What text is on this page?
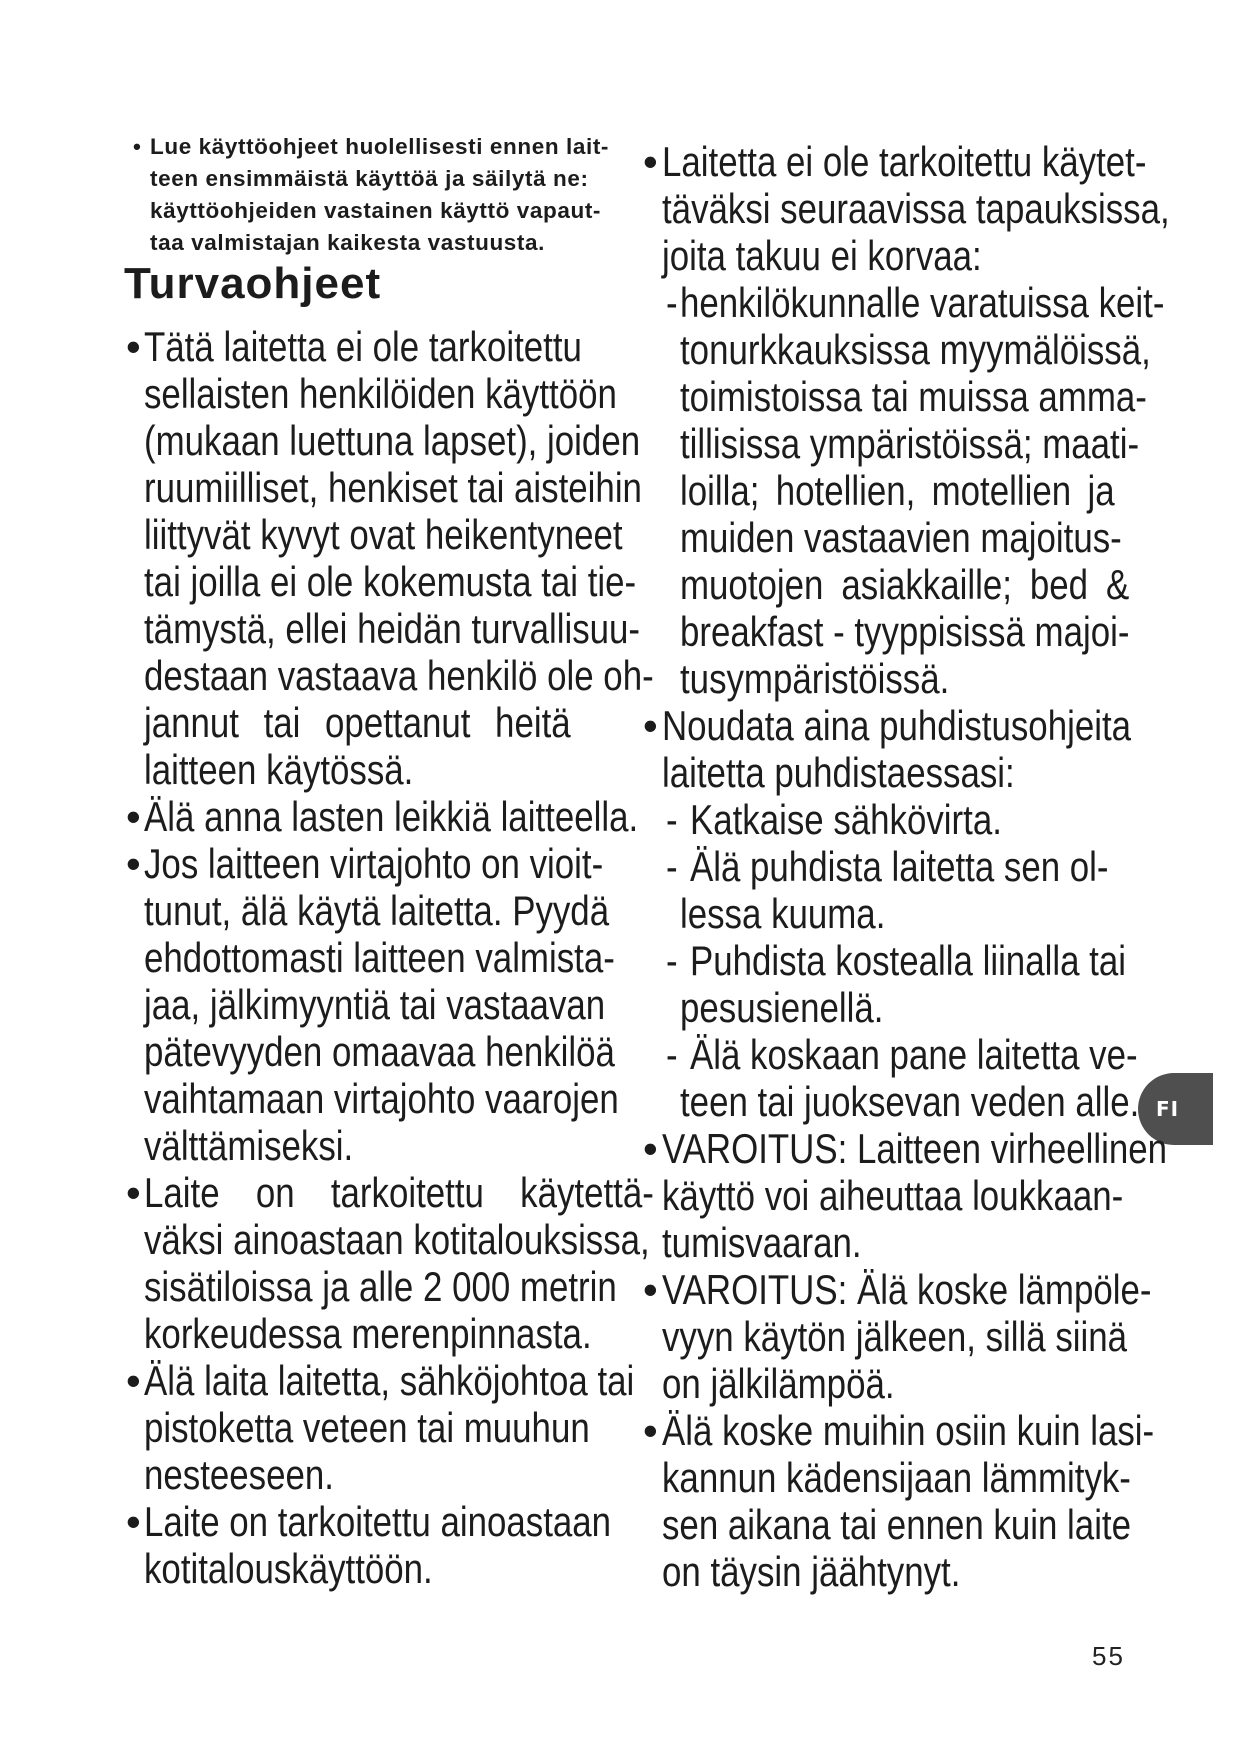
• Lue käyttöohjeet huolellisesti ennen lait-
teen ensimmäistä käyttöä ja säilytä ne:
käyttöohjeiden vastainen käyttö vapaut-
taa valmistajan kaikesta vastuusta.
Turvaohjeet
• Tätä laitetta ei ole tarkoitettu
sellaisten henkilöiden käyttöön
(mukaan luettuna lapset), joiden
ruumiilliset, henkiset tai aisteihin
liittyvät kyvyt ovat heikentyneet
tai joilla ei ole kokemusta tai tie-
tämystä, ellei heidän turvallisuu-
destaan vastaava henkilö ole oh-
jannut tai opettanut heitä
laitteen käytössä.
• Älä anna lasten leikkiä laitteella.
• Jos laitteen virtajohto on vioit-
tunut, älä käytä laitetta. Pyydä
ehdottomasti laitteen valmista-
jaa, jälkimyyntiä tai vastaavan
pätevyyden omaavaa henkilöä
vaihtamaan virtajohto vaarojen
välttämiseksi.
• Laite on tarkoitettu käytettä-
väksi ainoastaan kotitalouksissa,
sisätiloissa ja alle 2 000 metrin
korkeudessa merenpinnasta.
• Älä laita laitetta, sähköjohtoa tai
pistoketta veteen tai muuhun
nesteeseen.
• Laite on tarkoitettu ainoastaan
kotitalouskäyttöön.
• Laitetta ei ole tarkoitettu käytet-
täväksi seuraavissa tapauksissa,
joita takuu ei korvaa:
- henkilökunnalle varatuissa keit-
tonurkkauksissa myymälöissä,
toimistoissa tai muissa amma-
tillisissa ympäristöissä; maati-
loilla; hotellien, motellien ja
muiden vastaavien majoitus-
muotojen asiakkaille; bed &
breakfast - tyyppisissä majoi-
tusympäristöissä.
• Noudata aina puhdistusohjeita
laitetta puhdistaessasi:
- Katkaise sähkövirta.
- Älä puhdista laitetta sen ol-
lessa kuuma.
- Puhdista kostealla liinalla tai
pesusienellä.
- Älä koskaan pane laitetta ve-
teen tai juoksevan veden alle.
• VAROITUS: Laitteen virheellinen
käyttö voi aiheuttaa loukkaan-
tumisvaaran.
• VAROITUS: Älä koske lämpöle-
vyyn käytön jälkeen, sillä siinä
on jälkilämpöä.
• Älä koske muihin osiin kuin lasi-
kannun kädensijaan lämmityk-
sen aikana tai ennen kuin laite
on täysin jäähtynyt.
FI
55
